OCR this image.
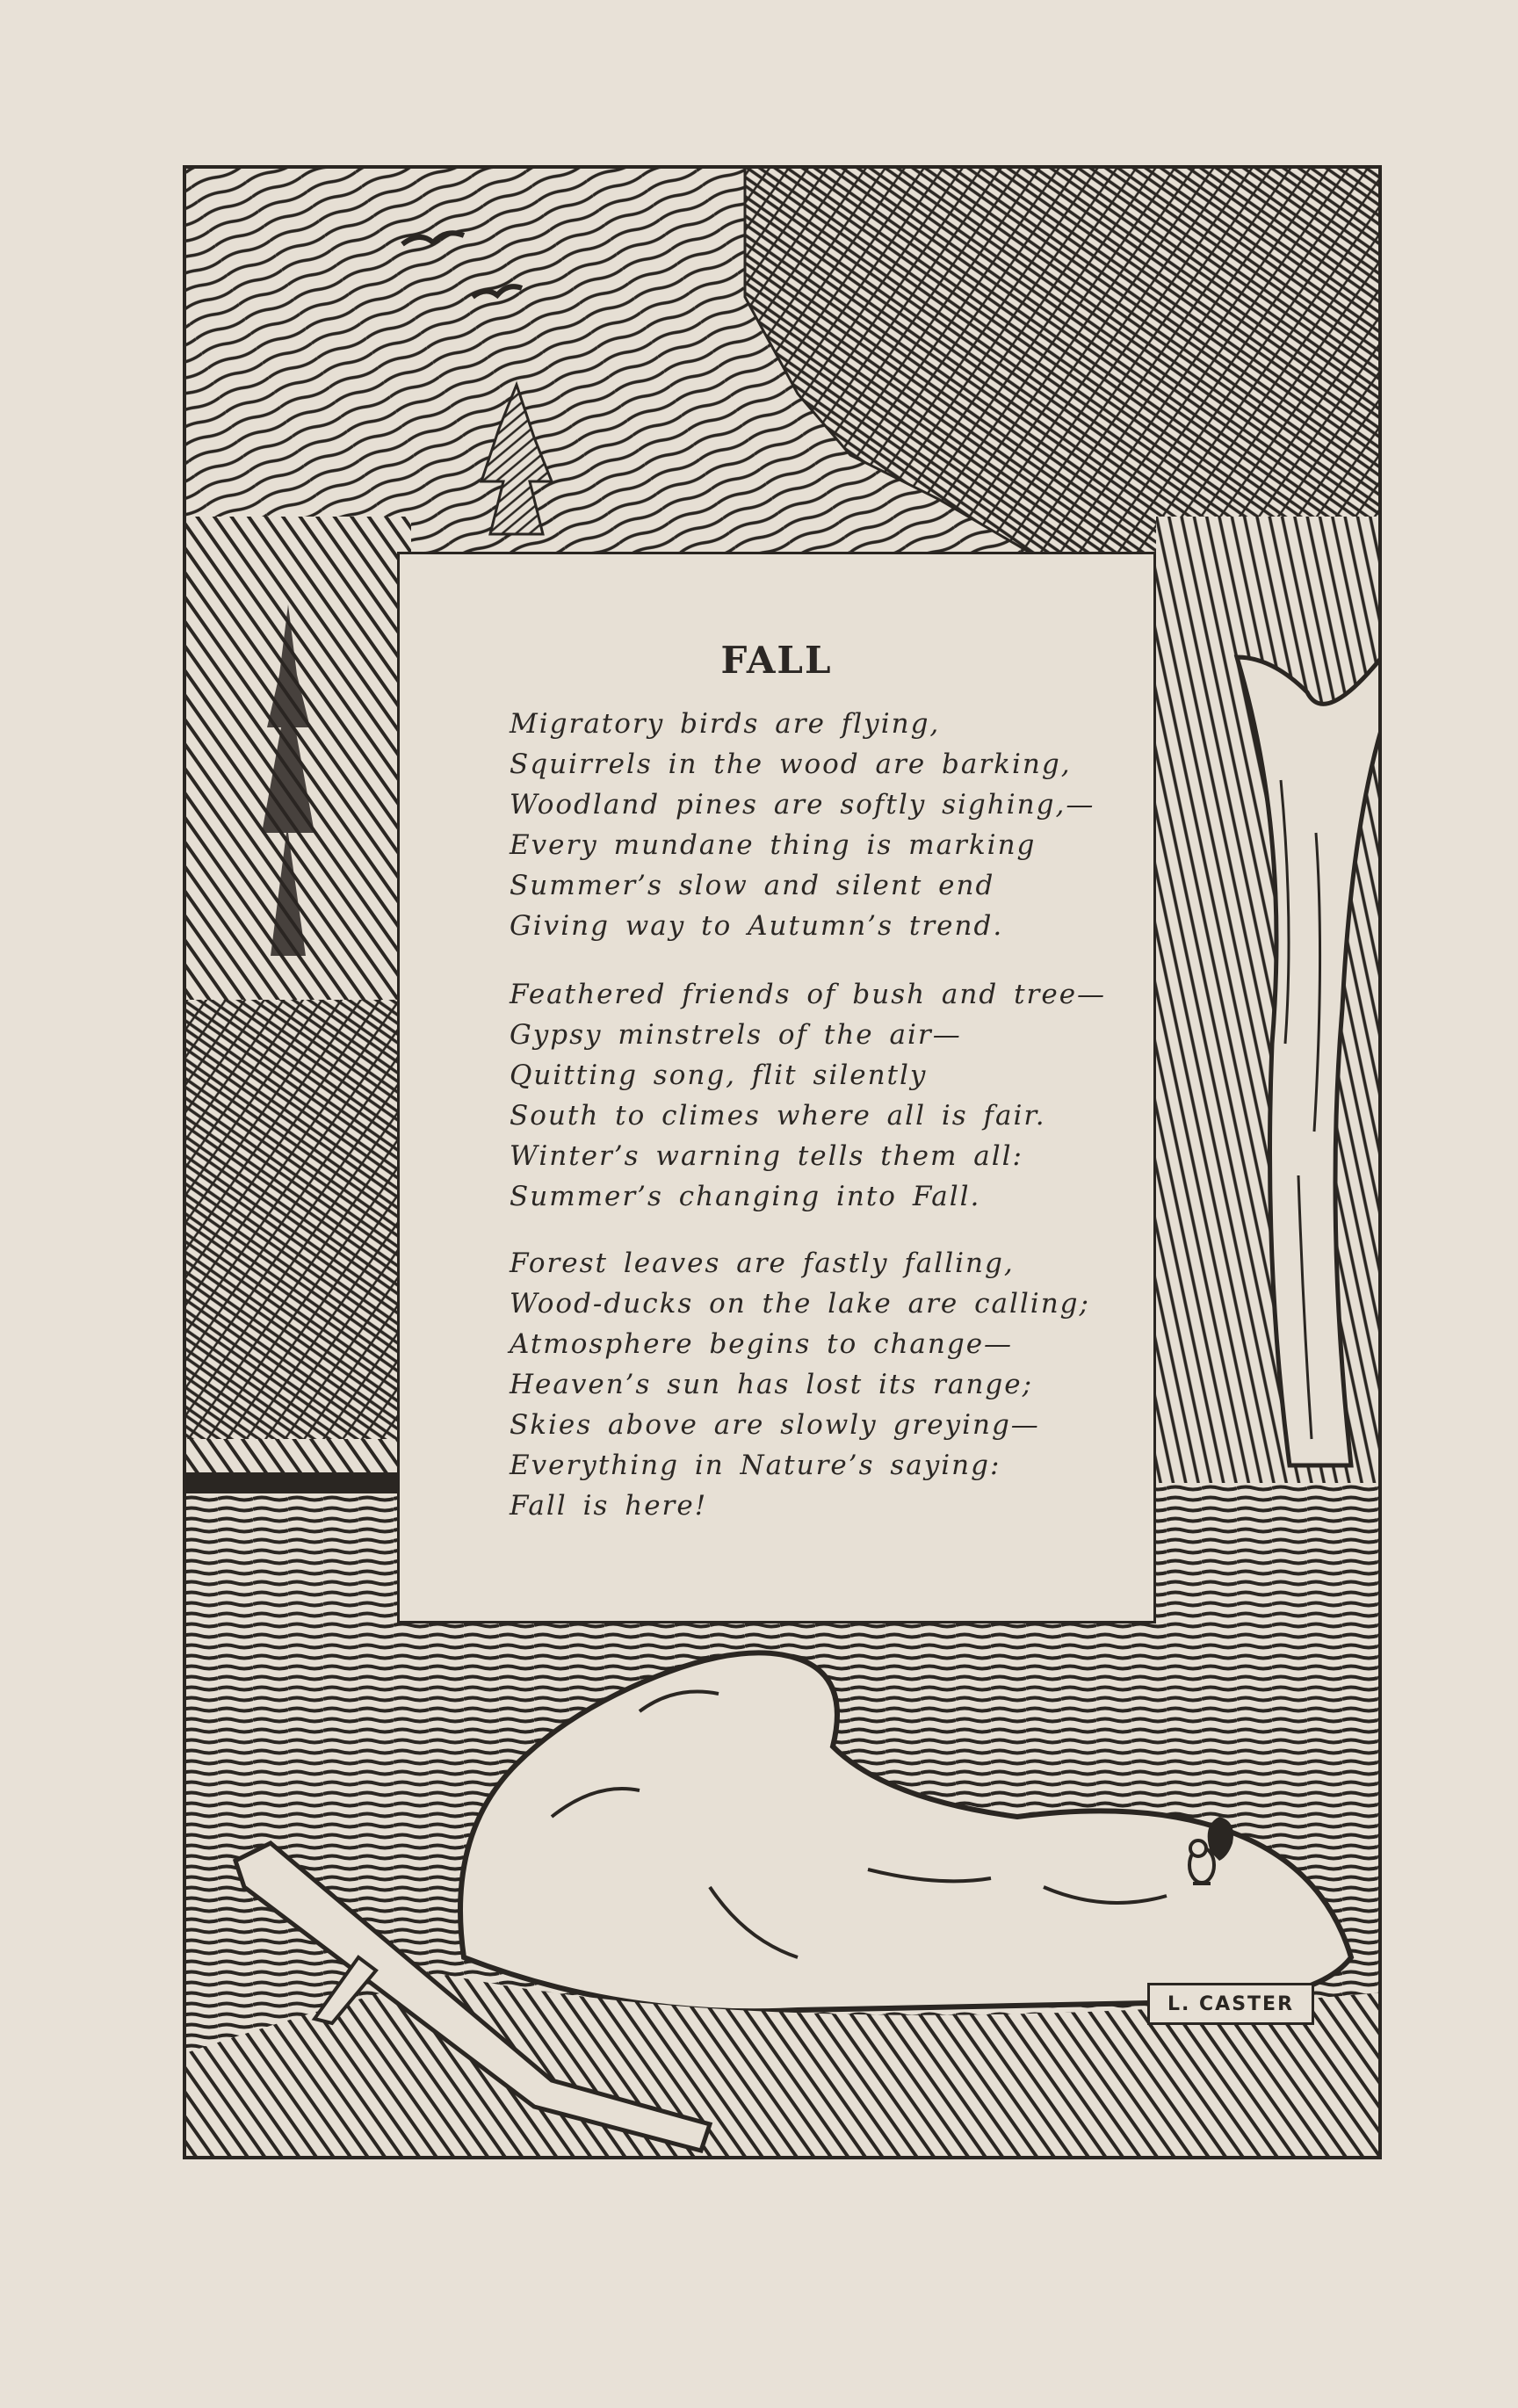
FALL
Migratory birds are flying,
Squirrels in the wood are barking,
Woodland pines are softly sighing,—
Every mundane thing is marking
Summer’s slow and silent end
Giving way to Autumn’s trend.
Feathered friends of bush and tree—
Gypsy minstrels of the air—
Quitting song, flit silently
South to climes where all is fair.
Winter’s warning tells them all:
Summer’s changing into Fall.
Forest leaves are fastly falling,
Wood-ducks on the lake are calling;
Atmosphere begins to change—
Heaven’s sun has lost its range;
Skies above are slowly greying—
Everything in Nature’s saying:
Fall is here!
L. CASTER
